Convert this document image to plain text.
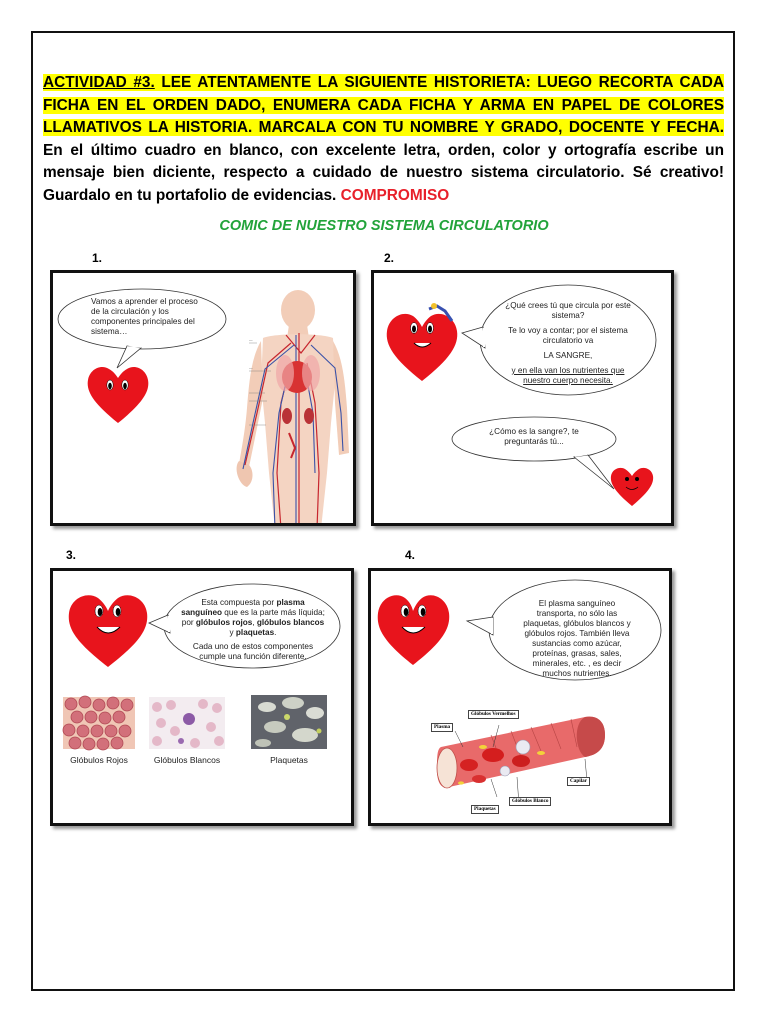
ACTIVIDAD #3. LEE ATENTAMENTE LA SIGUIENTE HISTORIETA: LUEGO RECORTA CADA FICHA EN EL ORDEN DADO, ENUMERA CADA FICHA Y ARMA EN PAPEL DE COLORES LLAMATIVOS LA HISTORIA. MARCALA CON TU NOMBRE Y GRADO, DOCENTE Y FECHA. En el último cuadro en blanco, con excelente letra, orden, color y ortografía escribe un mensaje bien diciente, respecto a cuidado de nuestro sistema circulatorio. Sé creativo! Guardalo en tu portafolio de evidencias. COMPROMISO
COMIC DE NUESTRO SISTEMA CIRCULATORIO
1.	2.
3.	4.
Vamos a aprender el proceso de la circulación y los componentes principales del sistema…
—
—
¿Qué crees tú que circula por este sistema?
Te lo voy a contar; por el sistema circulatorio va
LA SANGRE,
y en ella van los nutrientes que nuestro cuerpo necesita.
¿Cómo es la sangre?, te preguntarás tú...
Esta compuesta por plasma sanguíneo que es la parte más líquida; por glóbulos rojos, glóbulos blancos y plaquetas.
Cada uno de estos componentes cumple una función diferente.
Glóbulos Rojos	Glóbulos Blancos	Plaquetas
El plasma sanguíneo transporta, no sólo las plaquetas, glóbulos blancos y glóbulos rojos. También lleva sustancias como azúcar, proteínas, grasas, sales, minerales, etc. , es decir muchos nutrientes.
Plasma
Glóbulos Vermelhos
Capilar
Glóbulos Blanco
Plaquetas
